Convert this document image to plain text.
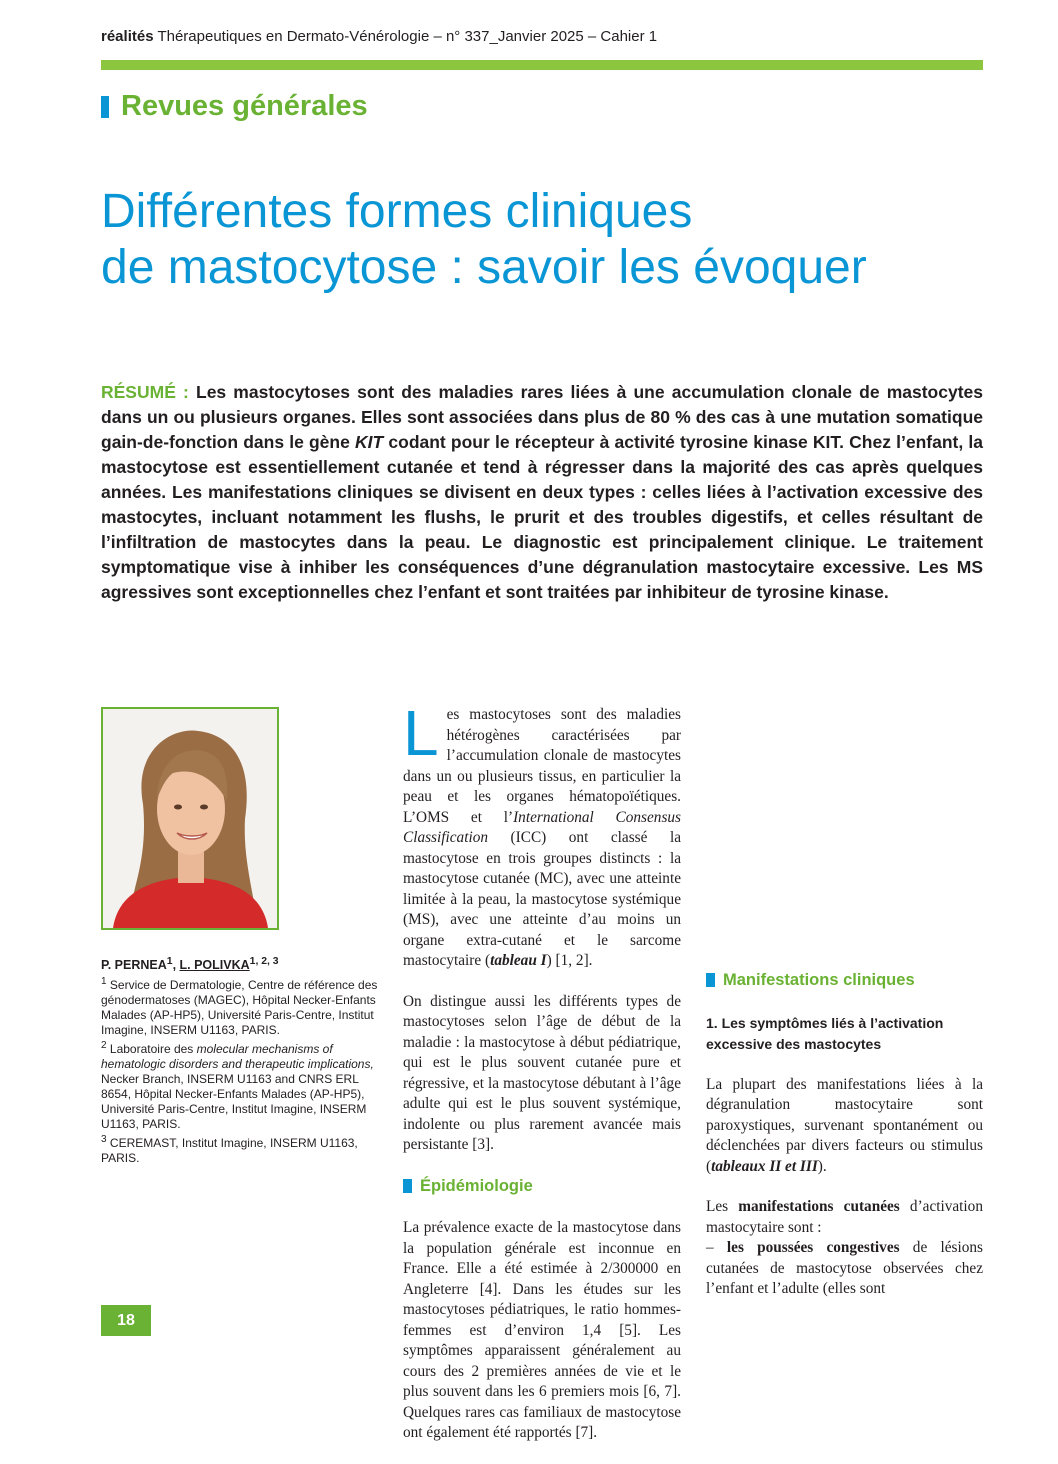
réalités Thérapeutiques en Dermato-Vénérologie – n° 337_Janvier 2025 – Cahier 1
Revues générales
Différentes formes cliniques
de mastocytose : savoir les évoquer
RÉSUMÉ : Les mastocytoses sont des maladies rares liées à une accumulation clonale de mastocytes dans un ou plusieurs organes. Elles sont associées dans plus de 80 % des cas à une mutation somatique gain-de-fonction dans le gène KIT codant pour le récepteur à activité tyrosine kinase KIT. Chez l’enfant, la mastocytose est essentiellement cutanée et tend à régresser dans la majorité des cas après quelques années. Les manifestations cliniques se divisent en deux types : celles liées à l’activation excessive des mastocytes, incluant notamment les flushs, le prurit et des troubles digestifs, et celles résultant de l’infiltration de mastocytes dans la peau. Le diagnostic est principalement clinique. Le traitement symptomatique vise à inhiber les conséquences d’une dégranulation mastocytaire excessive. Les MS agressives sont exceptionnelles chez l’enfant et sont traitées par inhibiteur de tyrosine kinase.
P. PERNEA$^1$, L. POLIVKA$^{1, 2, 3}$

$^1$ Service de Dermatologie, Centre de référence des génodermatoses (MAGEC), Hôpital Necker-Enfants Malades (AP-HP5), Université Paris-Centre, Institut Imagine, INSERM U1163, PARIS.

$^2$ Laboratoire des molecular mechanisms of hematologic disorders and therapeutic implications, Necker Branch, INSERM U1163 and CNRS ERL 8654, Hôpital Necker-Enfants Malades (AP-HP5), Université Paris-Centre, Institut Imagine, INSERM U1163, PARIS.

$^3$ CEREMAST, Institut Imagine, INSERM U1163, PARIS.

Les mastocytoses sont des maladies hétérogènes caractérisées par l’accumulation clonale de mastocytes dans un ou plusieurs tissus, en particulier la peau et les organes hématopoïétiques. L’OMS et l’International Consensus Classification (ICC) ont classé la mastocytose en trois groupes distincts : la mastocytose cutanée (MC), avec une atteinte limitée à la peau, la mastocytose systémique (MS), avec une atteinte d’au moins un organe extra-cutané et le sarcome mastocytaire (tableau I) [1, 2].

On distingue aussi les différents types de mastocytoses selon l’âge de début de la maladie : la mastocytose à début pédiatrique, qui est le plus souvent cutanée pure et régressive, et la mastocytose débutant à l’âge adulte qui est le plus souvent systémique, indolente ou plus rarement avancée mais persistante [3].

Épidémiologie

La prévalence exacte de la mastocytose dans la population générale est inconnue en France. Elle a été estimée à 2/300000 en Angleterre [4]. Dans les études sur les mastocytoses pédiatriques, le ratio hommes-femmes est d’environ 1,4 [5]. Les symptômes apparaissent généralement au cours des 2 premières années de vie et le plus souvent dans les 6 premiers mois [6, 7]. Quelques rares cas familiaux de mastocytose ont également été rapportés [7].

Manifestations cliniques
1. Les symptômes liés à l’activation excessive des mastocytes

La plupart des manifestations liées à la dégranulation mastocytaire sont paroxystiques, survenant spontanément ou déclenchées par divers facteurs ou stimulus (tableaux II et III).

Les manifestations cutanées d’activation mastocytaire sont :

– les poussées congestives de lésions cutanées de mastocytose observées chez l’enfant et l’adulte (elles sont

18
